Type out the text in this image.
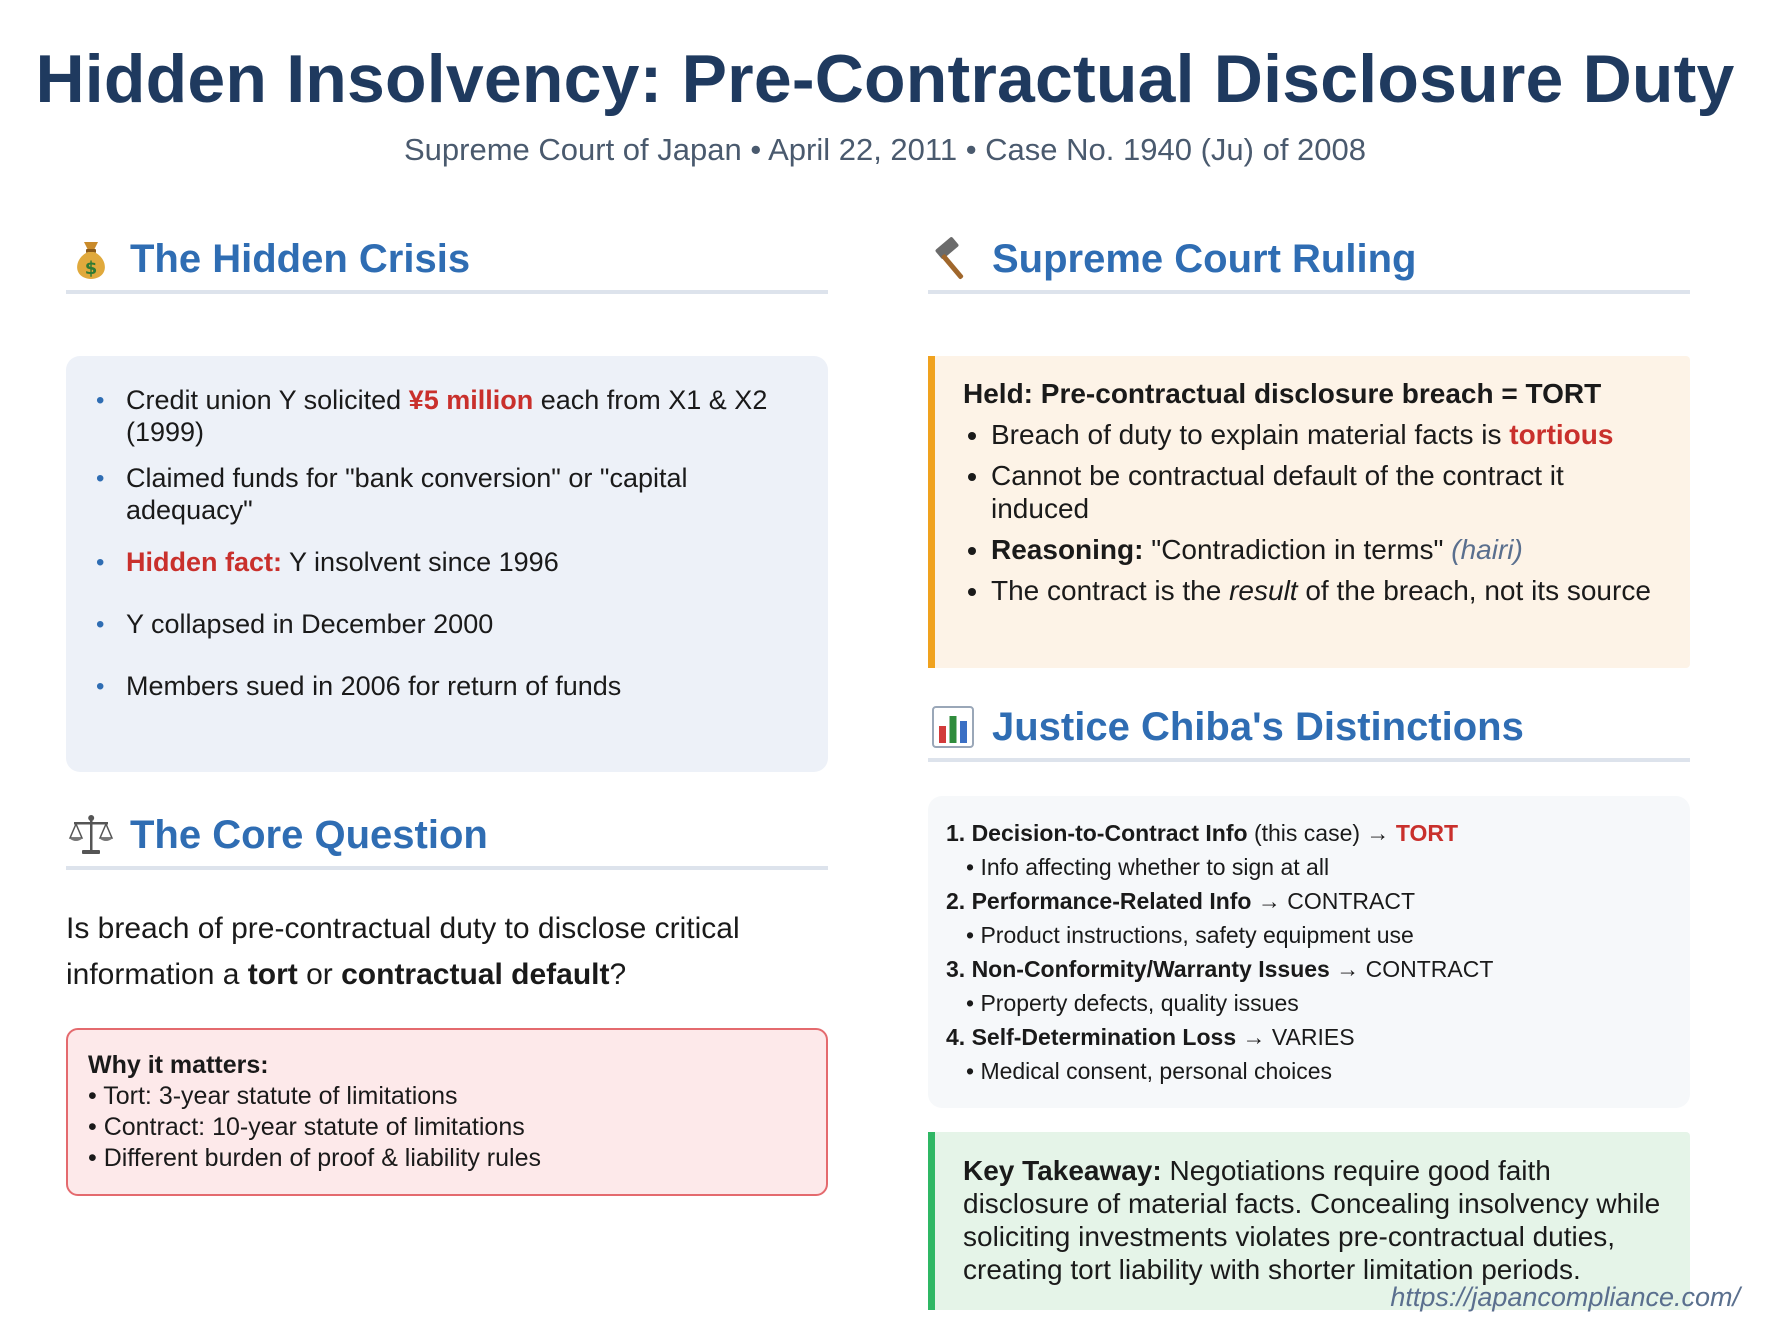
Hidden Insolvency: Pre-Contractual Disclosure Duty
Supreme Court of Japan • April 22, 2011 • Case No. 1940 (Ju) of 2008
$ The Hidden Crisis
• Credit union Y solicited ¥5 million each from X1 & X2 (1999)
• Claimed funds for "bank conversion" or "capital adequacy"
• Hidden fact: Y insolvent since 1996
• Y collapsed in December 2000
• Members sued in 2006 for return of funds
The Core Question
Is breach of pre-contractual duty to disclose critical information a tort or contractual default?
Why it matters:
• Tort: 3-year statute of limitations
• Contract: 10-year statute of limitations
• Different burden of proof & liability rules
Supreme Court Ruling
Held: Pre-contractual disclosure breach = TORT
• Breach of duty to explain material facts is tortious
• Cannot be contractual default of the contract it induced
• Reasoning: "Contradiction in terms" (hairi)
• The contract is the result of the breach, not its source
Justice Chiba's Distinctions
1. Decision-to-Contract Info (this case) → TORT
• Info affecting whether to sign at all
2. Performance-Related Info → CONTRACT
• Product instructions, safety equipment use
3. Non-Conformity/Warranty Issues → CONTRACT
• Property defects, quality issues
4. Self-Determination Loss → VARIES
• Medical consent, personal choices
Key Takeaway: Negotiations require good faith disclosure of material facts. Concealing insolvency while soliciting investments violates pre-contractual duties, creating tort liability with shorter limitation periods.
https://japancompliance.com/
